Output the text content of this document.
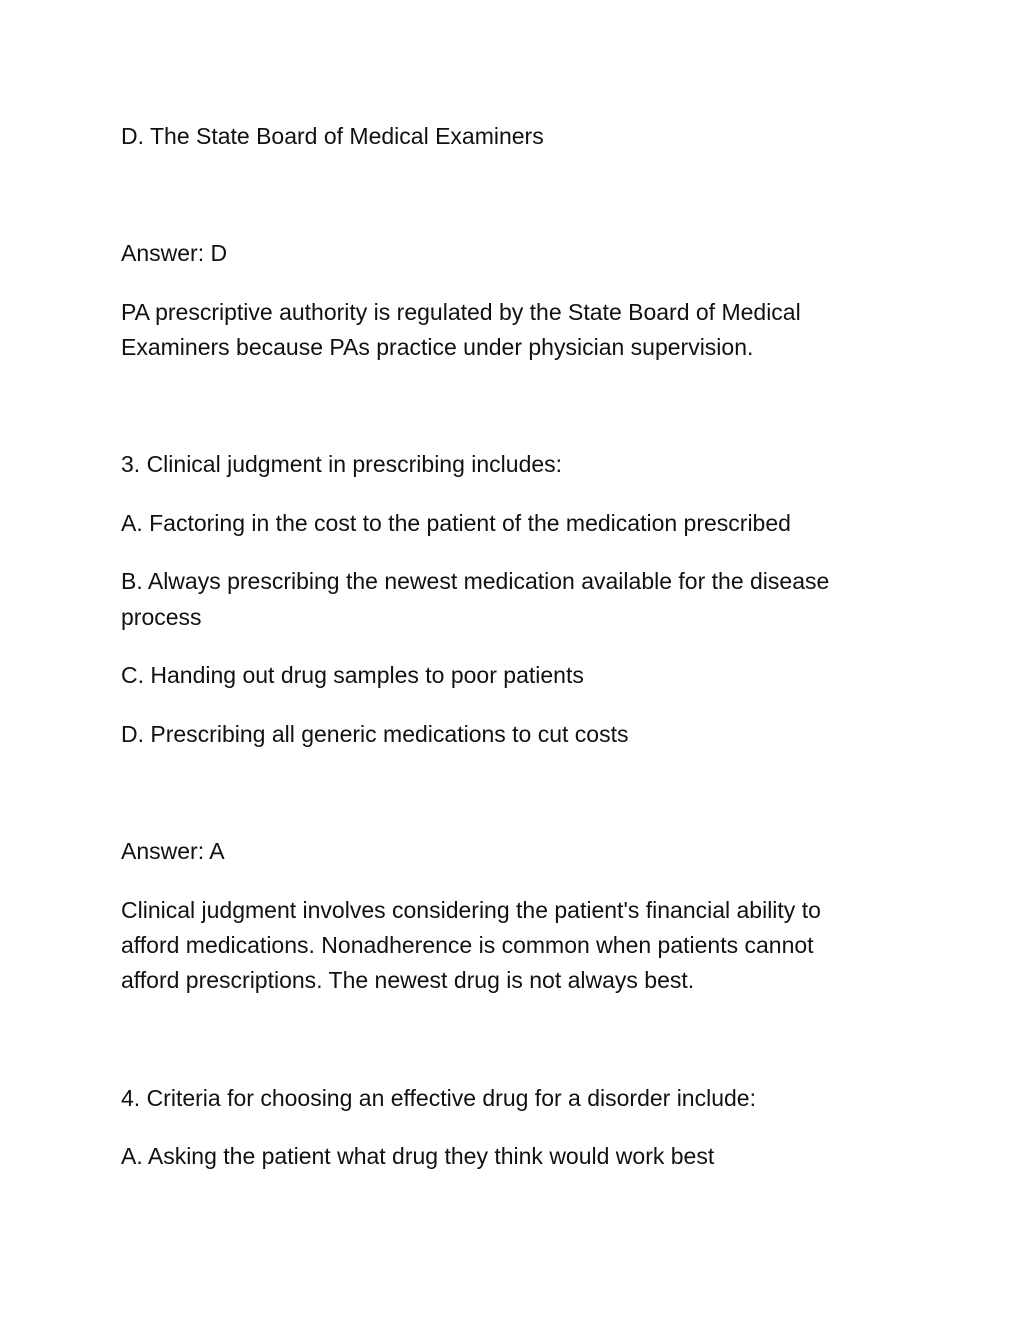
D. The State Board of Medical Examiners

Answer: D

PA prescriptive authority is regulated by the State Board of Medical

Examiners because PAs practice under physician supervision.

3. Clinical judgment in prescribing includes:

A. Factoring in the cost to the patient of the medication prescribed

B. Always prescribing the newest medication available for the disease

process

C. Handing out drug samples to poor patients

D. Prescribing all generic medications to cut costs

Answer: A

Clinical judgment involves considering the patient's financial ability to

afford medications. Nonadherence is common when patients cannot

afford prescriptions. The newest drug is not always best.

4. Criteria for choosing an effective drug for a disorder include:

A. Asking the patient what drug they think would work best
